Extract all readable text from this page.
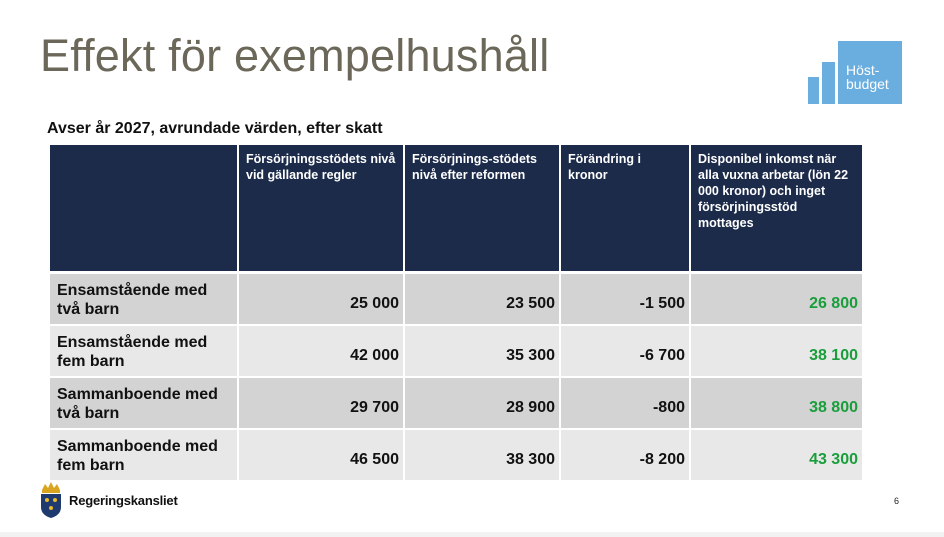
Effekt för exempelhushåll	Höst-
budget
Avser år 2027, avrundade värden, efter skatt
	Försörjningsstödets nivå vid gällande regler	Försörjnings-stödets nivå efter reformen	Förändring i kronor	Disponibel inkomst när alla vuxna arbetar (lön 22 000 kronor) och inget försörjningsstöd mottages
Ensamstående med två barn	25 000	23 500	-1 500	26 800
Ensamstående med fem barn	42 000	35 300	-6 700	38 100
Sammanboende med två barn	29 700	28 900	-800	38 800
Sammanboende med fem barn	46 500	38 300	-8 200	43 300
Regeringskansliet	6
